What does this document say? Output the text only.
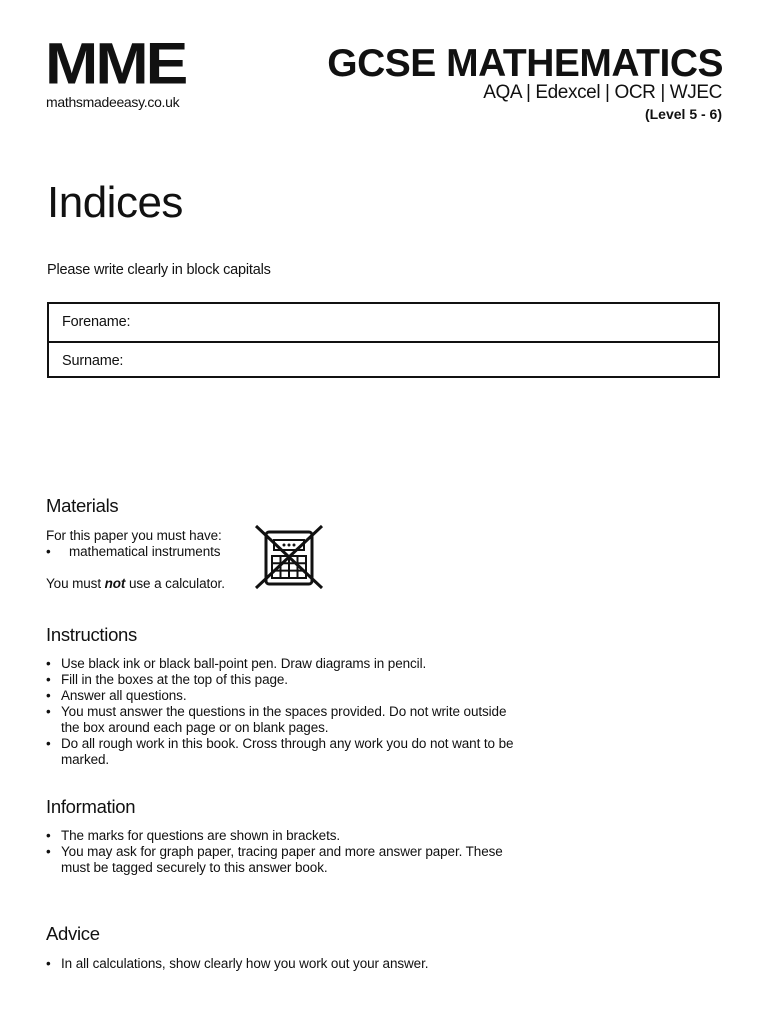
MME
mathsmadeeasy.co.uk
GCSE MATHEMATICS
AQA | Edexcel | OCR | WJEC
(Level 5 - 6)
Indices
Please write clearly in block capitals
Forename:
Surname:
Materials
For this paper you must have:
• mathematical instruments
You must not use a calculator.
Instructions
• Use black ink or black ball-point pen. Draw diagrams in pencil.
• Fill in the boxes at the top of this page.
• Answer all questions.
• You must answer the questions in the spaces provided. Do not write outside the box around each page or on blank pages.
• Do all rough work in this book. Cross through any work you do not want to be marked.
Information
• The marks for questions are shown in brackets.
• You may ask for graph paper, tracing paper and more answer paper. These must be tagged securely to this answer book.
Advice
• In all calculations, show clearly how you work out your answer.
